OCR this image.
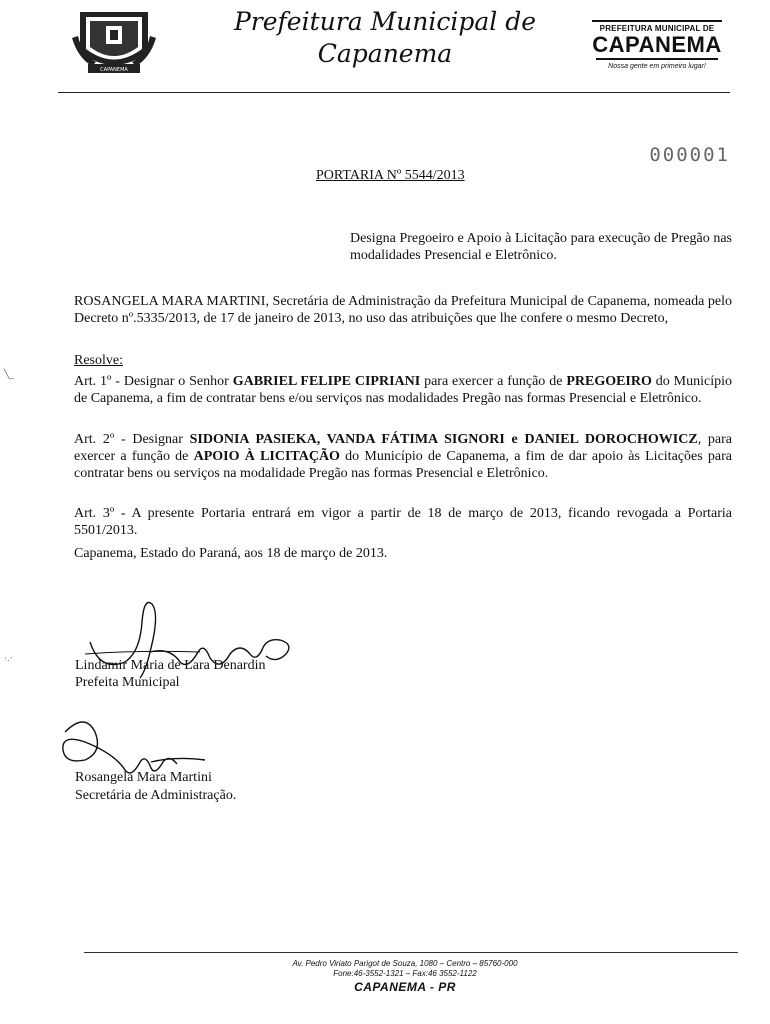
CAPANEMA
Prefeitura Municipal de
Capanema
PREFEITURA MUNICIPAL DE
CAPANEMA
Nossa gente em primeiro lugar!
000001
PORTARIA Nº 5544/2013
Designa Pregoeiro e Apoio à Licitação para execução de Pregão nas modalidades Presencial e Eletrônico.
ROSANGELA MARA MARTINI, Secretária de Administração da Prefeitura Municipal de Capanema, nomeada pelo Decreto nº.5335/2013, de 17 de janeiro de 2013, no uso das atribuições que lhe confere o mesmo Decreto,
Resolve:
Art. 1º - Designar o Senhor GABRIEL FELIPE CIPRIANI para exercer a função de PREGOEIRO do Município de Capanema, a fim de contratar bens e/ou serviços nas modalidades Pregão nas formas Presencial e Eletrônico.
Art. 2º - Designar SIDONIA PASIEKA, VANDA FÁTIMA SIGNORI e DANIEL DOROCHOWICZ, para exercer a função de APOIO À LICITAÇÃO do Município de Capanema, a fim de dar apoio às Licitações para contratar bens ou serviços na modalidade Pregão nas formas Presencial e Eletrônico.
Art. 3º - A presente Portaria entrará em vigor a partir de 18 de março de 2013, ficando revogada a Portaria 5501/2013.
Capanema, Estado do Paraná, aos 18 de março de 2013.
Lindamir Maria de Lara Denardin
Prefeita Municipal
Rosangela Mara Martini
Secretária de Administração.
Av. Pedro Viriato Parigot de Souza, 1080 – Centro – 85760-000
Fone:46-3552-1321 – Fax:46 3552-1122
CAPANEMA - PR
╲_
·.·
